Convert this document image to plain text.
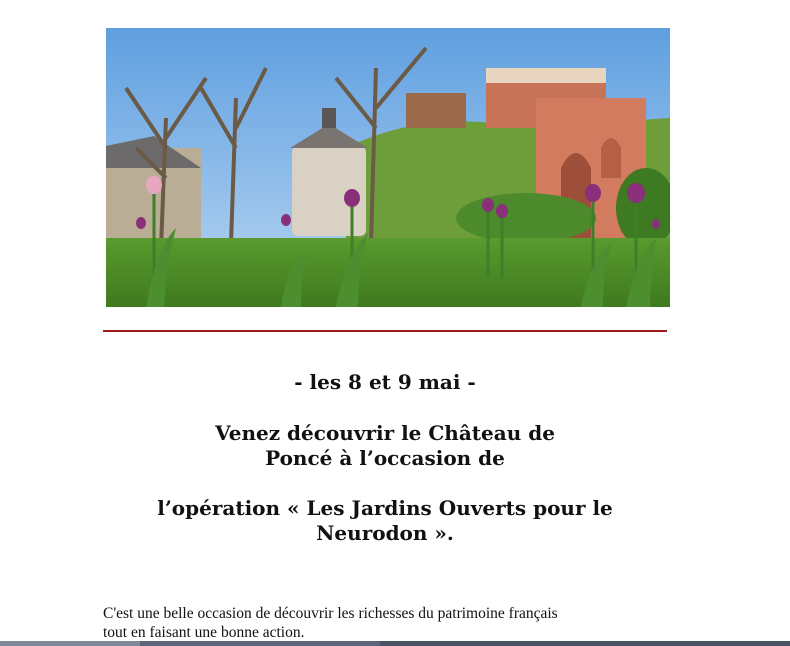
- les 8 et 9 mai -
Venez découvrir le Château de
Poncé à l’occasion de
l’opération « Les Jardins Ouverts pour le
Neurodon ».
C'est une belle occasion de découvrir les richesses du patrimoine français
tout en faisant une bonne action.
